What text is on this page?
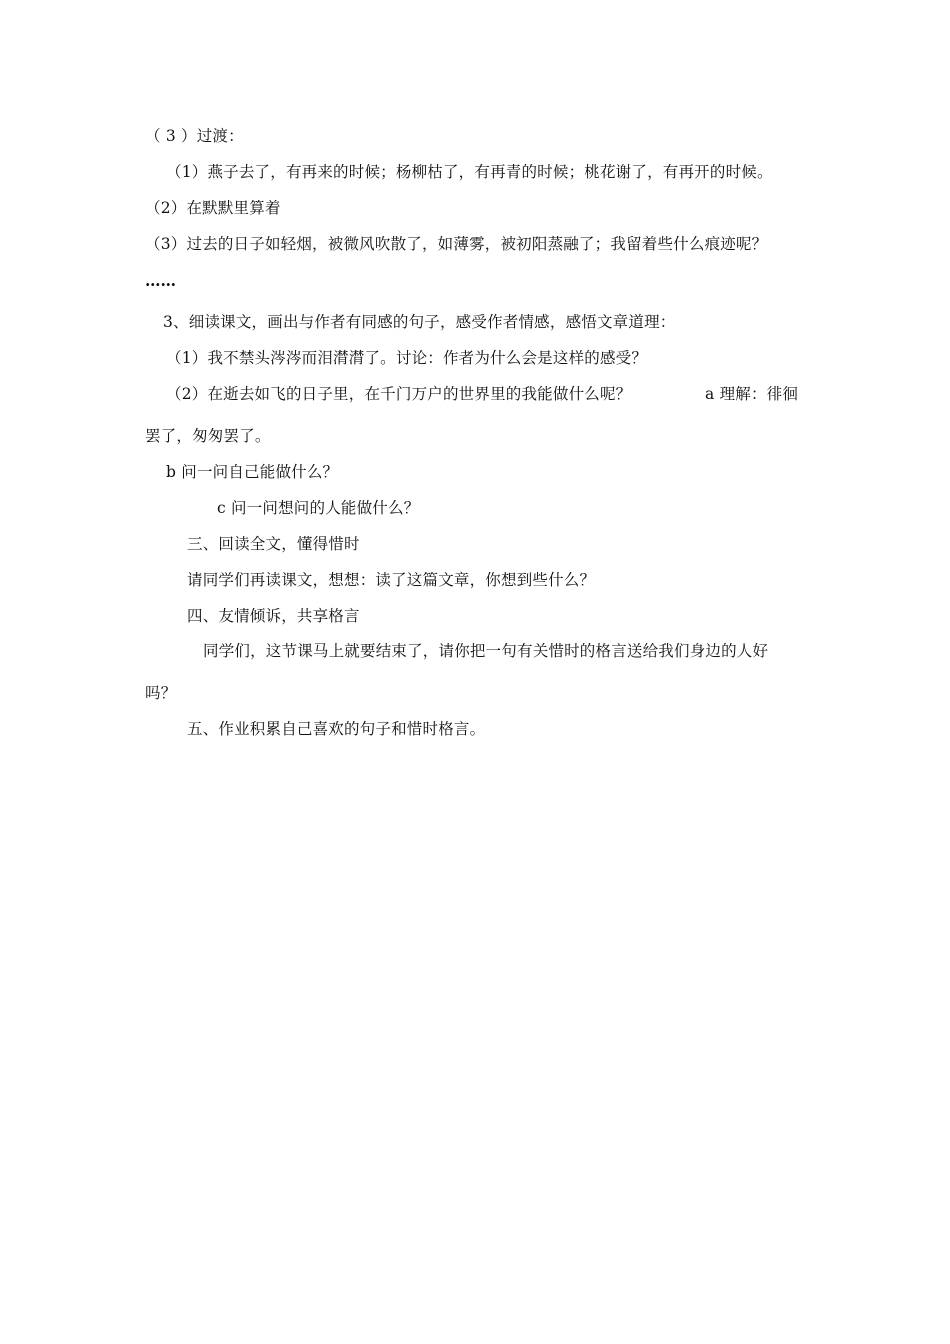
（ 3 ）过渡：
（1）燕子去了，有再来的时候；杨柳枯了，有再青的时候；桃花谢了，有再开的时候。
（2）在默默里算着
（3）过去的日子如轻烟，被微风吹散了，如薄雾，被初阳蒸融了；我留着些什么痕迹呢？
……
3、细读课文，画出与作者有同感的句子，感受作者情感，感悟文章道理：
（1）我不禁头涔涔而泪潸潸了。讨论：作者为什么会是这样的感受？
（2）在逝去如飞的日子里，在千门万户的世界里的我能做什么呢？	a 理解：徘徊
罢了，匆匆罢了。
b 问一问自己能做什么？
c 问一问想问的人能做什么？
三、回读全文，懂得惜时
请同学们再读课文，想想：读了这篇文章，你想到些什么？
四、友情倾诉，共享格言
同学们，这节课马上就要结束了，请你把一句有关惜时的格言送给我们身边的人好
吗？
五、作业积累自己喜欢的句子和惜时格言。
